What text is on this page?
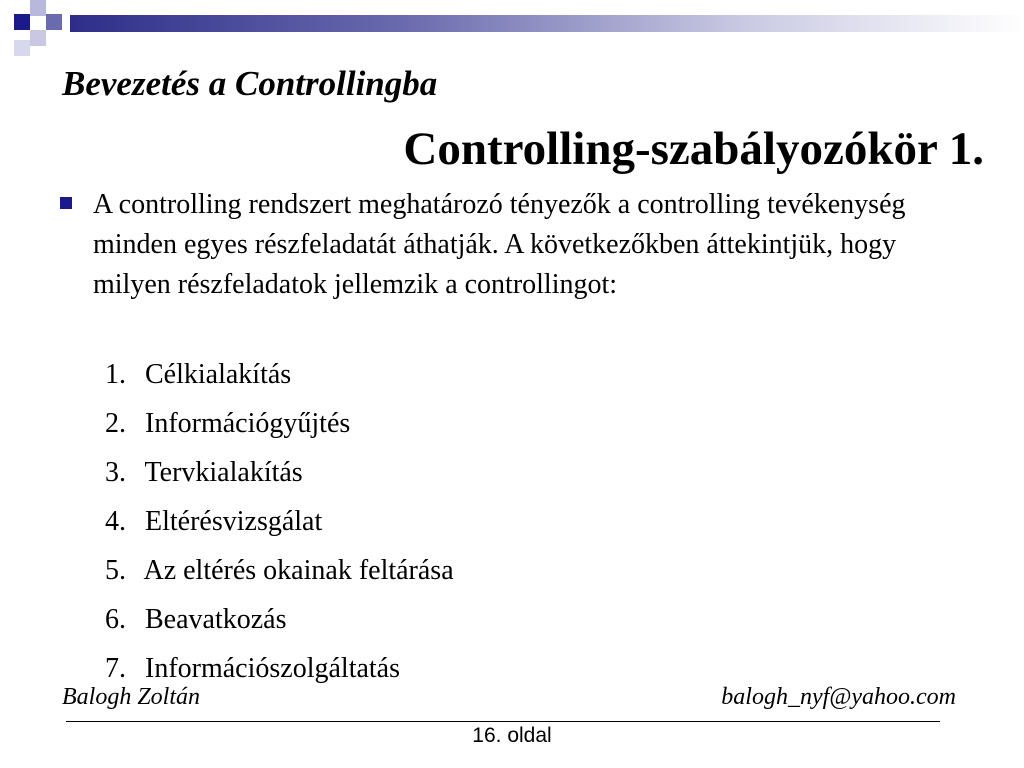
Bevezetés a Controllingba
Controlling-szabályozókör 1.
A controlling rendszert meghatározó tényezők a controlling tevékenység minden egyes részfeladatát áthatják. A következőkben áttekintjük, hogy milyen részfeladatok jellemzik a controllingot:
1. Célkialakítás
2. Információgyűjtés
3. Tervkialakítás
4. Eltérésvizsgálat
5. Az eltérés okainak feltárása
6. Beavatkozás
7. Információszolgáltatás
Balogh Zoltán	balogh_nyf@yahoo.com
16. oldal
